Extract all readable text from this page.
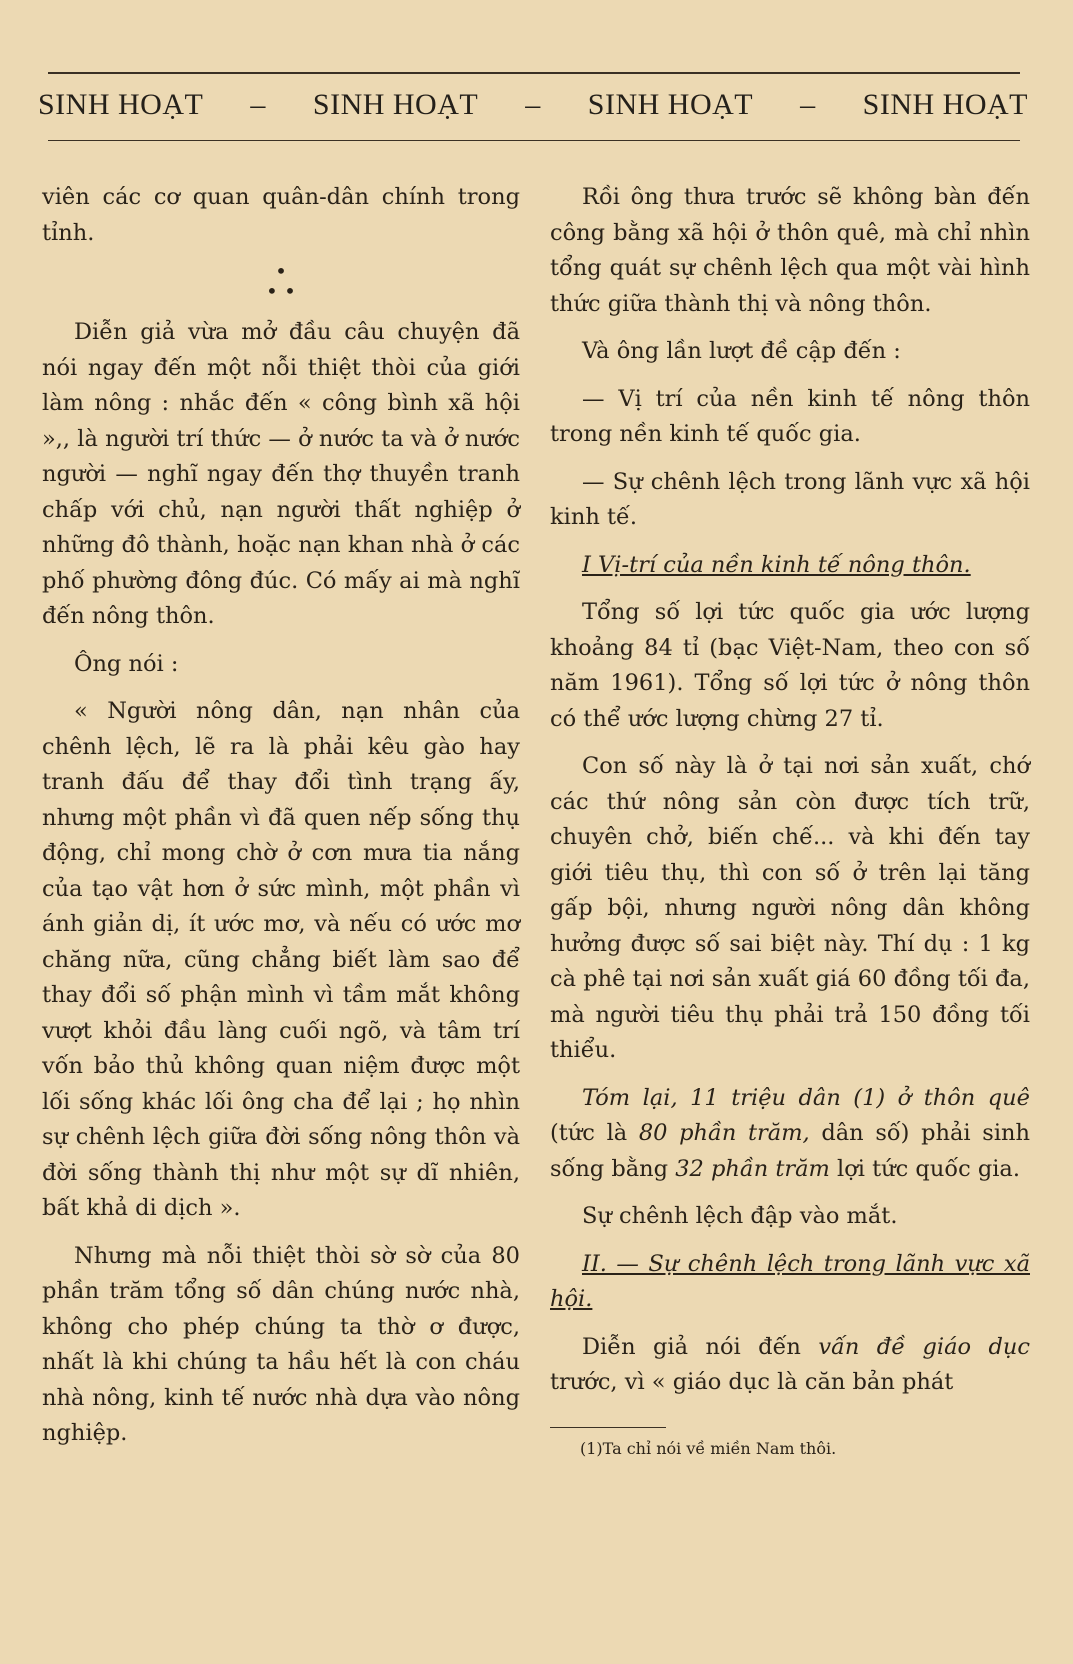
SINH HOẠT – SINH HOẠT – SINH HOẠT – SINH HOẠT

viên các cơ quan quân-dân chính trong tỉnh.

•
• •

Diễn giả vừa mở đầu câu chuyện đã nói ngay đến một nỗi thiệt thòi của giới làm nông : nhắc đến « công bình xã hội »,, là người trí thức — ở nước ta và ở nước người — nghĩ ngay đến thợ thuyền tranh chấp với chủ, nạn người thất nghiệp ở những đô thành, hoặc nạn khan nhà ở các phố phường đông đúc. Có mấy ai mà nghĩ đến nông thôn.

Ông nói :

« Người nông dân, nạn nhân của chênh lệch, lẽ ra là phải kêu gào hay tranh đấu để thay đổi tình trạng ấy, nhưng một phần vì đã quen nếp sống thụ động, chỉ mong chờ ở cơn mưa tia nắng của tạo vật hơn ở sức mình, một phần vì ánh giản dị, ít ước mơ, và nếu có ước mơ chăng nữa, cũng chẳng biết làm sao để thay đổi số phận mình vì tầm mắt không vượt khỏi đầu làng cuối ngõ, và tâm trí vốn bảo thủ không quan niệm được một lối sống khác lối ông cha để lại ; họ nhìn sự chênh lệch giữa đời sống nông thôn và đời sống thành thị như một sự dĩ nhiên, bất khả di dịch ».

Nhưng mà nỗi thiệt thòi sờ sờ của 80 phần trăm tổng số dân chúng nước nhà, không cho phép chúng ta thờ ơ được, nhất là khi chúng ta hầu hết là con cháu nhà nông, kinh tế nước nhà dựa vào nông nghiệp.

Rồi ông thưa trước sẽ không bàn đến công bằng xã hội ở thôn quê, mà chỉ nhìn tổng quát sự chênh lệch qua một vài hình thức giữa thành thị và nông thôn.

Và ông lần lượt đề cập đến :

— Vị trí của nền kinh tế nông thôn trong nền kinh tế quốc gia.

— Sự chênh lệch trong lãnh vực xã hội kinh tế.

I Vị-trí của nền kinh tế nông thôn.

Tổng số lợi tức quốc gia ước lượng khoảng 84 tỉ (bạc Việt-Nam, theo con số năm 1961). Tổng số lợi tức ở nông thôn có thể ước lượng chừng 27 tỉ.

Con số này là ở tại nơi sản xuất, chớ các thứ nông sản còn được tích trữ, chuyên chở, biến chế... và khi đến tay giới tiêu thụ, thì con số ở trên lại tăng gấp bội, nhưng người nông dân không hưởng được số sai biệt này. Thí dụ : 1 kg cà phê tại nơi sản xuất giá 60 đồng tối đa, mà người tiêu thụ phải trả 150 đồng tối thiểu.

Tóm lại, 11 triệu dân (1) ở thôn quê (tức là 80 phần trăm, dân số) phải sinh sống bằng 32 phần trăm lợi tức quốc gia.

Sự chênh lệch đập vào mắt.

II. — Sự chênh lệch trong lãnh vực xã hội.

Diễn giả nói đến vấn đề giáo dục trước, vì « giáo dục là căn bản phát

(1)Ta chỉ nói về miền Nam thôi.
